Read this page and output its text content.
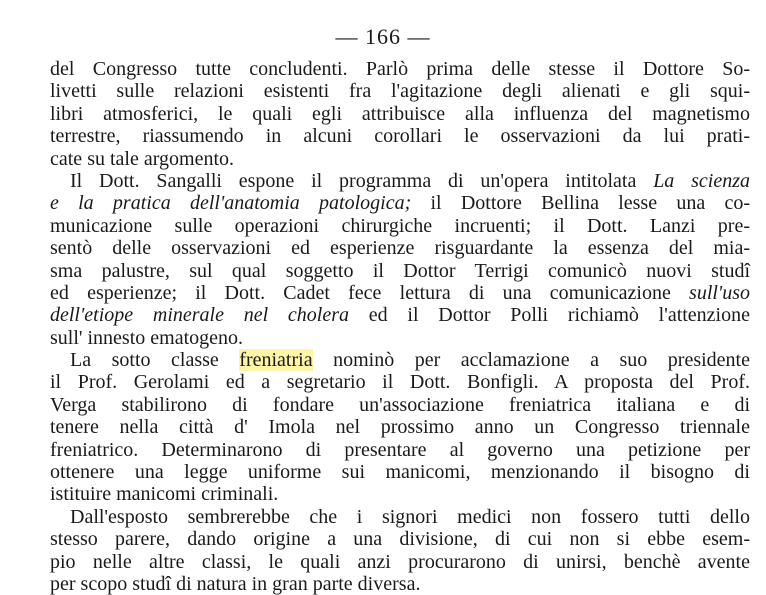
— 166 —
del Congresso tutte concludenti. Parlò prima delle stesse il Dottore So-
livetti sulle relazioni esistenti fra l'agitazione degli alienati e gli squi-
libri atmosferici, le quali egli attribuisce alla influenza del magnetismo
terrestre, riassumendo in alcuni corollari le osservazioni da lui prati-
cate su tale argomento.
Il Dott. Sangalli espone il programma di un'opera intitolata La scienza
e la pratica dell'anatomia patologica; il Dottore Bellina lesse una co-
municazione sulle operazioni chirurgiche incruenti; il Dott. Lanzi pre-
sentò delle osservazioni ed esperienze risguardante la essenza del mia-
sma palustre, sul qual soggetto il Dottor Terrigi comunicò nuovi studî
ed esperienze; il Dott. Cadet fece lettura di una comunicazione sull'uso
dell'etiope minerale nel cholera ed il Dottor Polli richiamò l'attenzione
sull' innesto ematogeno.
La sotto classe freniatria nominò per acclamazione a suo presidente
il Prof. Gerolami ed a segretario il Dott. Bonfigli. A proposta del Prof.
Verga stabilirono di fondare un'associazione freniatrica italiana e di
tenere nella città d' Imola nel prossimo anno un Congresso triennale
freniatrico. Determinarono di presentare al governo una petizione per
ottenere una legge uniforme sui manicomi, menzionando il bisogno di
istituire manicomi criminali.
Dall'esposto sembrerebbe che i signori medici non fossero tutti dello
stesso parere, dando origine a una divisione, di cui non si ebbe esem-
pio nelle altre classi, le quali anzi procurarono di unirsi, benchè avente
per scopo studî di natura in gran parte diversa.
